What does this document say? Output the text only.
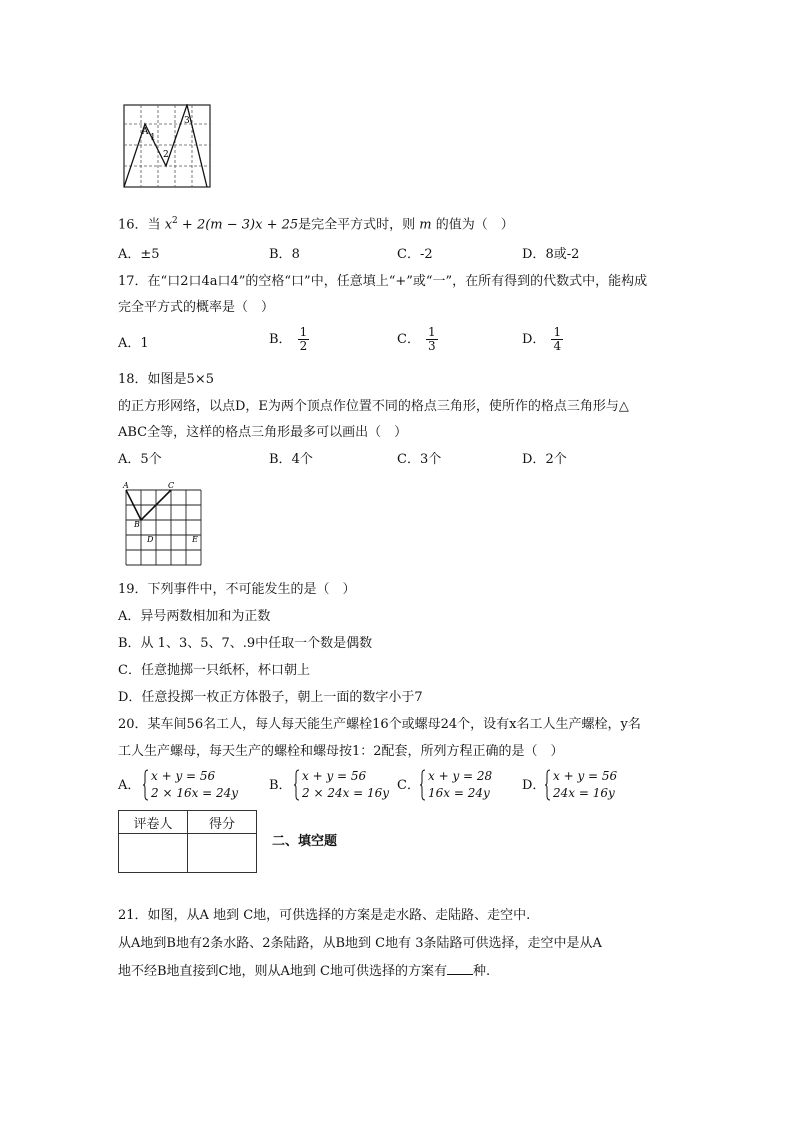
A
1
2
3
16．当 $x^2 + 2(m - 3)x + 25$是完全平方式时，则 m 的值为（　）
A．±5	B．8	C．-2	D．8或-2
17．在“口2口4a口4”的空格“口”中，任意填上“+”或“一”，在所有得到的代数式中，能构成
完全平方式的概率是（　）
A．1	B． $\frac{1}{2}$	C． $\frac{1}{3}$	D． $\frac{1}{4}$
18．如图是5×5
的正方形网络，以点D，E为两个顶点作位置不同的格点三角形，使所作的格点三角形与△
ABC全等，这样的格点三角形最多可以画出（　）
A．5个	B．4个	C．3个	D．2个
A
B
C
D	E
19．下列事件中，不可能发生的是（　）
A．异号两数相加和为正数
B．从 1、3、5、7、.9中任取一个数是偶数
C．任意抛掷一只纸杯，杯口朝上
D．任意投掷一枚正方体骰子，朝上一面的数字小于7
20．某车间56名工人，每人每天能生产螺栓16个或螺母24个，设有x名工人生产螺栓，y名
工人生产螺母，每天生产的螺栓和螺母按1：2配套，所列方程正确的是（　）
A．
x + y = 56
2 × 16x = 24y	B．
x + y = 56
2 × 24x = 16y C．
x + y = 28
16x = 24y	D．
x + y = 56
24x = 16y
评卷人	得分

二、填空题
21．如图，从A 地到 C地，可供选择的方案是走水路、走陆路、走空中.
从A地到B地有2条水路、2条陆路，从B地到 C地有 3条陆路可供选择，走空中是从A
地不经B地直接到C地，则从A地到 C地可供选择的方案有 种.
